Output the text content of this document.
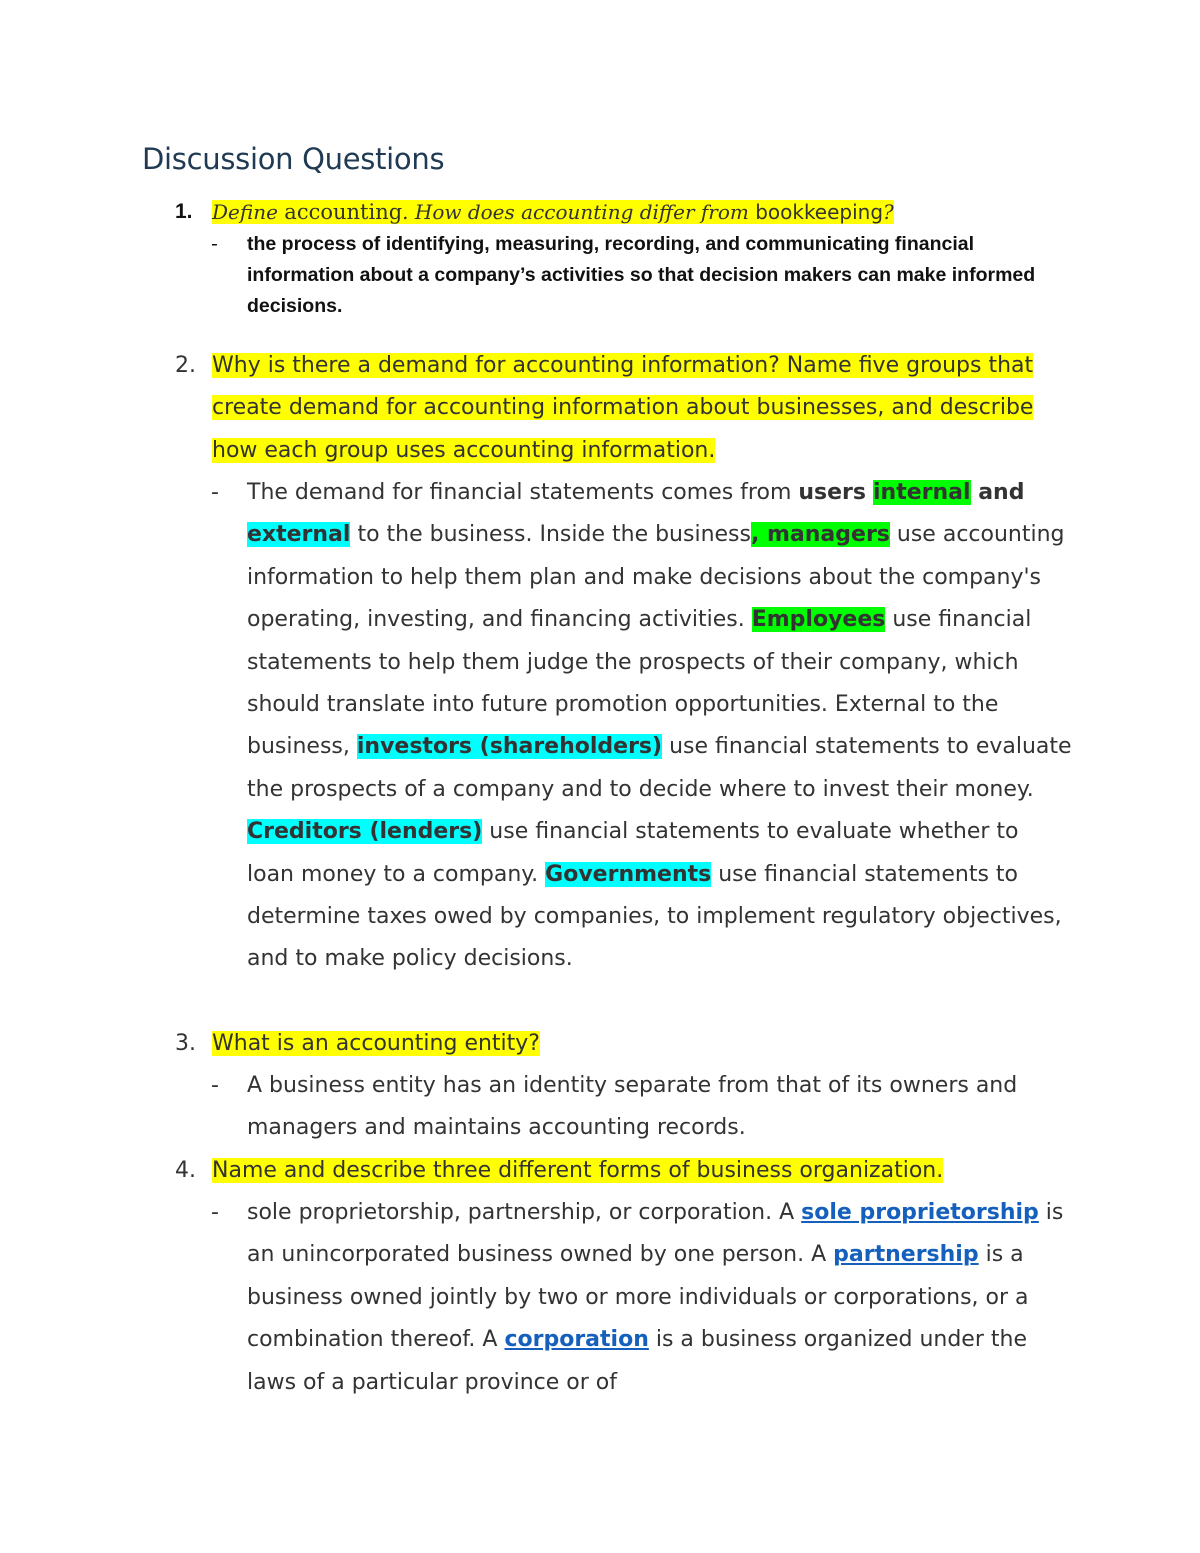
Discussion Questions
1. Define accounting. How does accounting differ from bookkeeping?
- the process of identifying, measuring, recording, and communicating financial information about a company’s activities so that decision makers can make informed decisions.
2. Why is there a demand for accounting information? Name five groups that create demand for accounting information about businesses, and describe how each group uses accounting information.
- The demand for financial statements comes from users internal and external to the business. Inside the business, managers use accounting information to help them plan and make decisions about the company's operating, investing, and financing activities. Employees use financial statements to help them judge the prospects of their company, which should translate into future promotion opportunities. External to the business, investors (shareholders) use financial statements to evaluate the prospects of a company and to decide where to invest their money. Creditors (lenders) use financial statements to evaluate whether to loan money to a company. Governments use financial statements to determine taxes owed by companies, to implement regulatory objectives, and to make policy decisions.
3. What is an accounting entity?
- A business entity has an identity separate from that of its owners and managers and maintains accounting records.
4. Name and describe three different forms of business organization.
- sole proprietorship, partnership, or corporation. A sole proprietorship is an unincorporated business owned by one person. A partnership is a business owned jointly by two or more individuals or corporations, or a combination thereof. A corporation is a business organized under the laws of a particular province or of
